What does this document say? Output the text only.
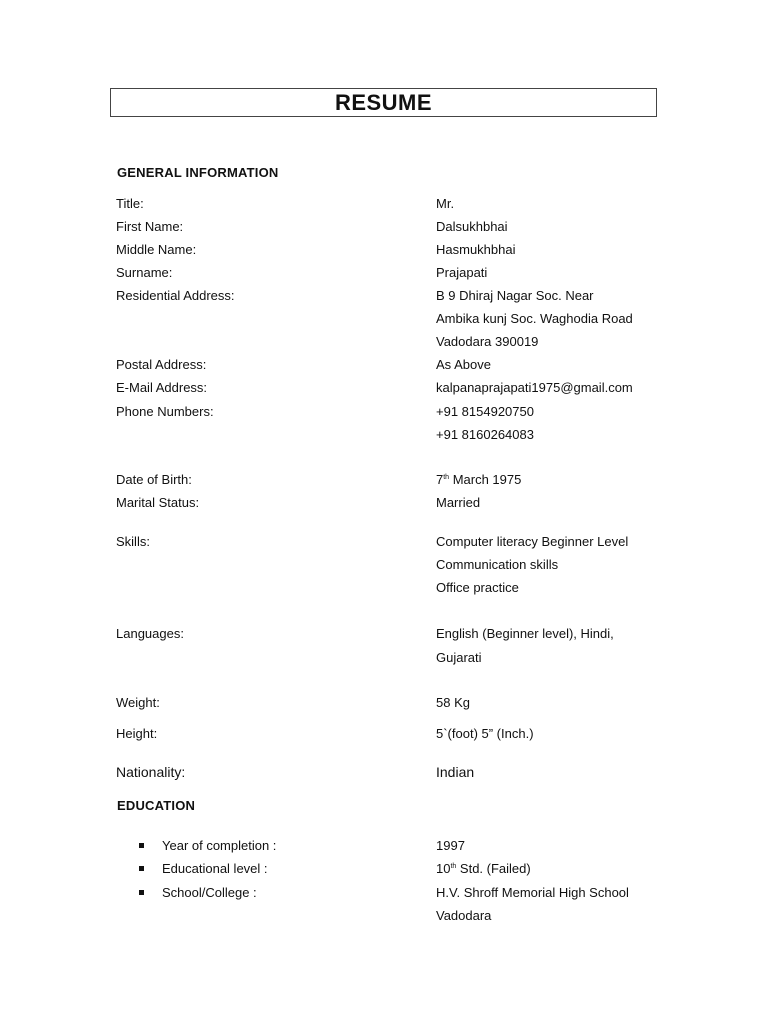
RESUME
GENERAL INFORMATION
Title:	Mr.
First Name:	Dalsukhbhai
Middle Name:	Hasmukhbhai
Surname:	Prajapati
Residential Address:	B 9 Dhiraj Nagar Soc. Near
Ambika kunj Soc. Waghodia Road
Vadodara 390019
Postal Address:	As Above
E-Mail Address:	kalpanaprajapati1975@gmail.com
Phone Numbers:	+91 8154920750
+91 8160264083
Date of Birth:	7th March 1975
Marital Status:	Married
Skills:	Computer literacy Beginner Level
Communication skills
Office practice
Languages:	English (Beginner level), Hindi,
Gujarati
Weight:	58 Kg
Height:	5`(foot) 5” (Inch.)
Nationality:	Indian
EDUCATION
Year of completion :	1997
Educational level :	10th Std. (Failed)
School/College :	H.V. Shroff Memorial High School
Vadodara
